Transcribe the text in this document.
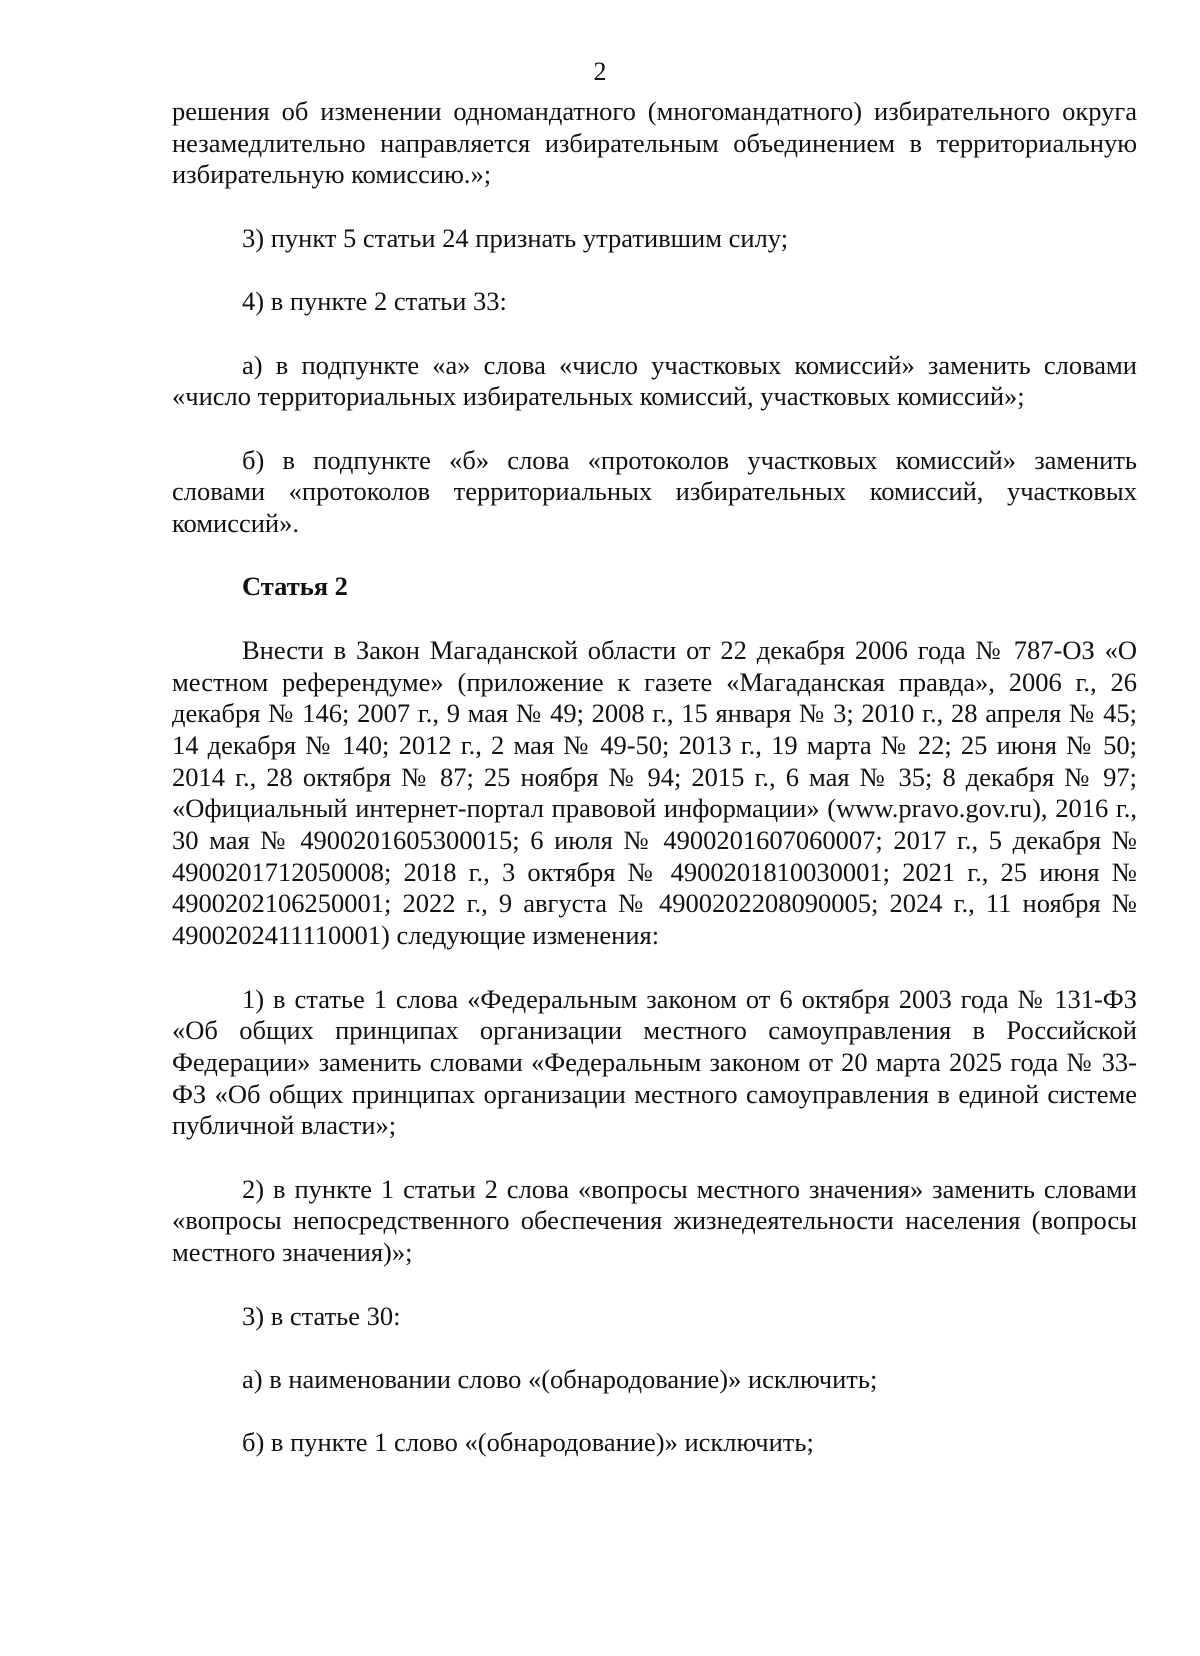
2

решения об изменении одномандатного (многомандатного) избирательного округа незамедлительно направляется избирательным объединением в территориальную избирательную комиссию.»;

3) пункт 5 статьи 24 признать утратившим силу;

4) в пункте 2 статьи 33:

а) в подпункте «а» слова «число участковых комиссий» заменить словами «число территориальных избирательных комиссий, участковых комиссий»;

б) в подпункте «б» слова «протоколов участковых комиссий» заменить словами «протоколов территориальных избирательных комиссий, участковых комиссий».

Статья 2

Внести в Закон Магаданской области от 22 декабря 2006 года № 787-ОЗ «О местном референдуме» (приложение к газете «Магаданская правда», 2006 г., 26 декабря № 146; 2007 г., 9 мая № 49; 2008 г., 15 января № 3; 2010 г., 28 апреля № 45; 14 декабря № 140; 2012 г., 2 мая № 49-50; 2013 г., 19 марта № 22; 25 июня № 50; 2014 г., 28 октября № 87; 25 ноября № 94; 2015 г., 6 мая № 35; 8 декабря № 97; «Официальный интернет-портал правовой информации» (www.pravo.gov.ru), 2016 г., 30 мая № 4900201605300015; 6 июля № 4900201607060007; 2017 г., 5 декабря № 4900201712050008; 2018 г., 3 октября № 4900201810030001; 2021 г., 25 июня № 4900202106250001; 2022 г., 9 августа № 4900202208090005; 2024 г., 11 ноября № 4900202411110001) следующие изменения:

1) в статье 1 слова «Федеральным законом от 6 октября 2003 года № 131-ФЗ «Об общих принципах организации местного самоуправления в Российской Федерации» заменить словами «Федеральным законом от 20 марта 2025 года № 33-ФЗ «Об общих принципах организации местного самоуправления в единой системе публичной власти»;

2) в пункте 1 статьи 2 слова «вопросы местного значения» заменить словами «вопросы непосредственного обеспечения жизнедеятельности населения (вопросы местного значения)»;

3) в статье 30:

а) в наименовании слово «(обнародование)» исключить;

б) в пункте 1 слово «(обнародование)» исключить;
